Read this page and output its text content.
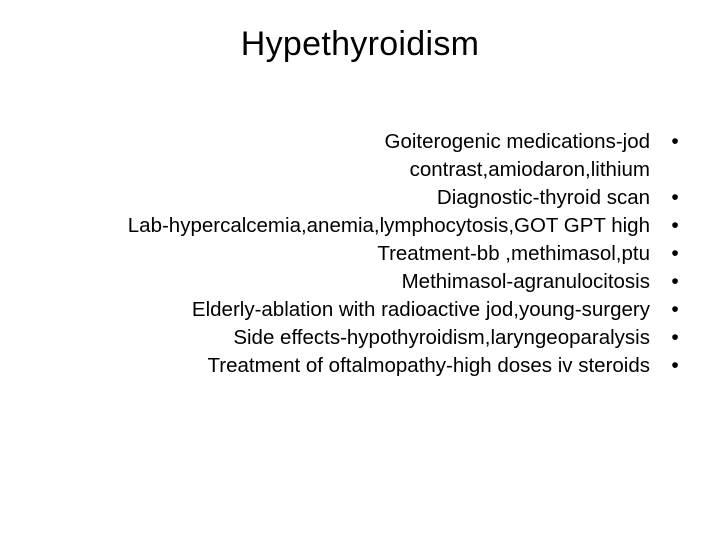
Hypethyroidism
•
Goiterogenic medications-jod contrast,amiodaron,lithium
•
Diagnostic-thyroid scan
•
Lab-hypercalcemia,anemia,lymphocytosis,GOT GPT high
•
Treatment-bb ,methimasol,ptu
•
Methimasol-agranulocitosis
•
Elderly-ablation with radioactive jod,young-surgery
•
Side effects-hypothyroidism,laryngeoparalysis
•
Treatment of oftalmopathy-high doses iv steroids
